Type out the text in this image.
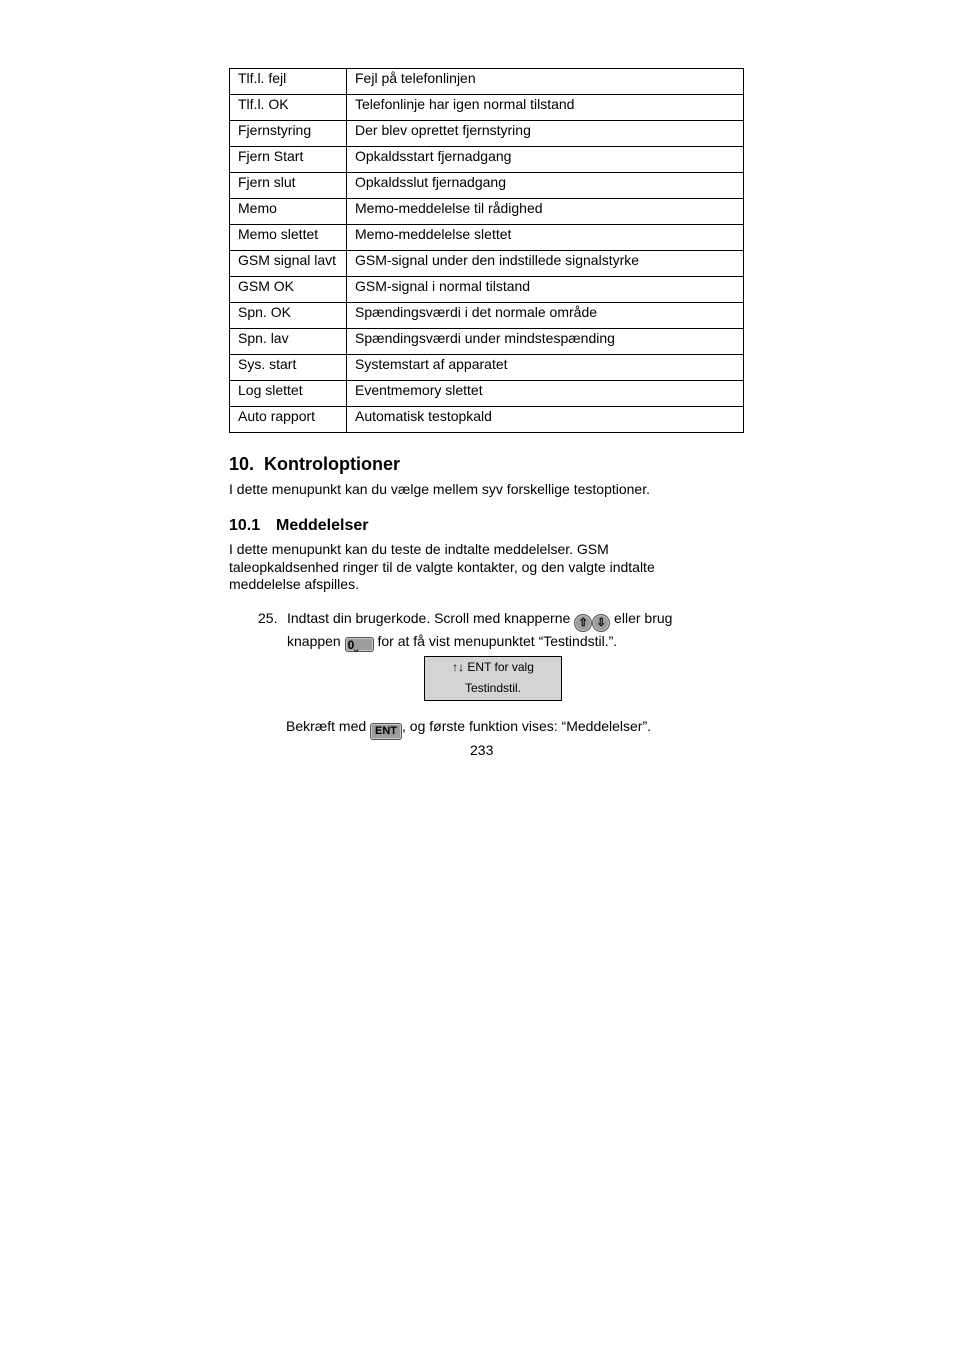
Tlf.l. fejl	Fejl på telefonlinjen
Tlf.l. OK	Telefonlinje har igen normal tilstand
Fjernstyring	Der blev oprettet fjernstyring
Fjern Start	Opkaldsstart fjernadgang
Fjern slut	Opkaldsslut fjernadgang
Memo	Memo-meddelelse til rådighed
Memo slettet	Memo-meddelelse slettet
GSM signal lavt	GSM-signal under den indstillede signalstyrke
GSM OK	GSM-signal i normal tilstand
Spn. OK	Spændingsværdi i det normale område
Spn. lav	Spændingsværdi under mindstespænding
Sys. start	Systemstart af apparatet
Log slettet	Eventmemory slettet
Auto rapport	Automatisk testopkald
10. Kontroloptioner

I dette menupunkt kan du vælge mellem syv forskellige testoptioner.

10.1 Meddelelser

I dette menupunkt kan du teste de indtalte meddelelser. GSM
taleopkaldsenhed ringer til de valgte kontakter, og den valgte indtalte
meddelelse afspilles.

25. Indtast din brugerkode. Scroll med knapperne ⇧ ⇩ eller brug
knappen 0⎵ for at få vist menupunktet “Testindstil.”.
↑↓ ENT for valg
Testindstil.
Bekræft med ENT , og første funktion vises: “Meddelelser”.
233
